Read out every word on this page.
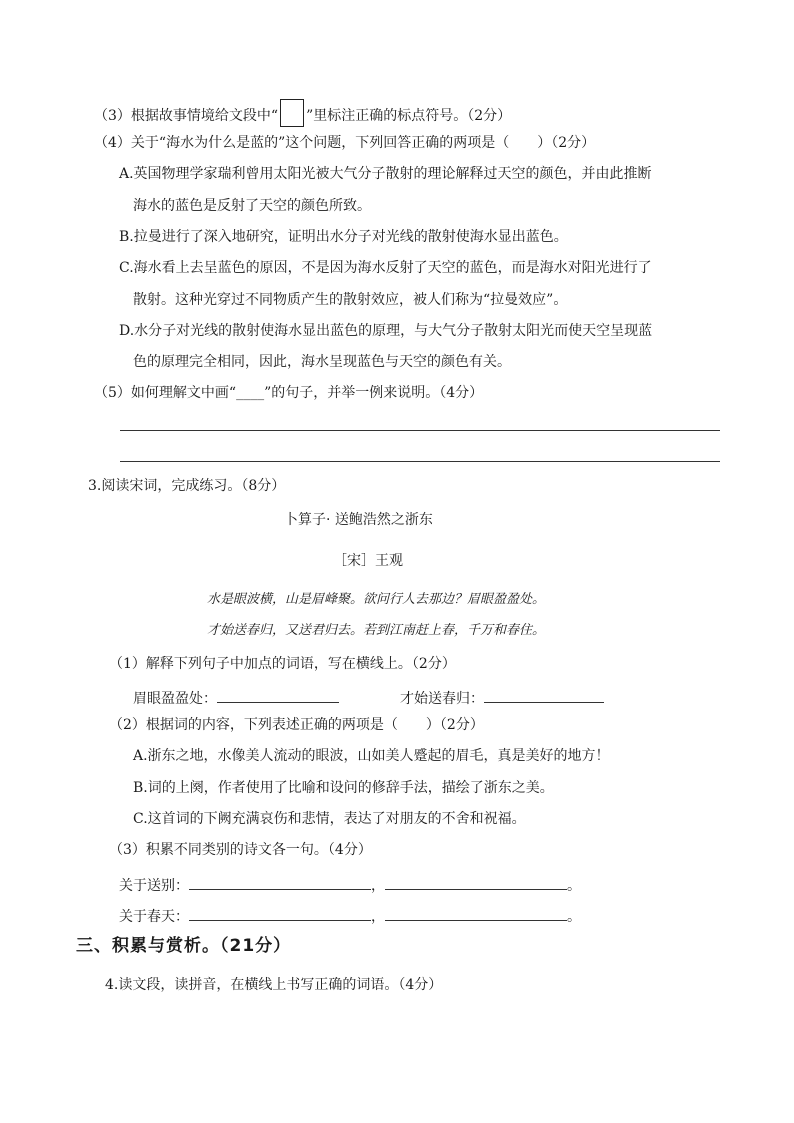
（3）根据故事情境给文段中“ ”里标注正确的标点符号。（2分）
（4）关于“海水为什么是蓝的”这个问题，下列回答正确的两项是（　　）（2分）
A.英国物理学家瑞利曾用太阳光被大气分子散射的理论解释过天空的颜色，并由此推断
海水的蓝色是反射了天空的颜色所致。
B.拉曼进行了深入地研究，证明出水分子对光线的散射使海水显出蓝色。
C.海水看上去呈蓝色的原因，不是因为海水反射了天空的蓝色，而是海水对阳光进行了
散射。这种光穿过不同物质产生的散射效应，被人们称为“拉曼效应”。
D.水分子对光线的散射使海水显出蓝色的原理，与大气分子散射太阳光而使天空呈现蓝
色的原理完全相同，因此，海水呈现蓝色与天空的颜色有关。
（5）如何理解文中画“____”的句子，并举一例来说明。（4分）
3.阅读宋词，完成练习。（8分）
卜算子· 送鲍浩然之浙东
［宋］王观
水是眼波横，山是眉峰聚。欲问行人去那边？眉眼盈盈处。
才始送春归，又送君归去。若到江南赶上春，千万和春住。
（1）解释下列句子中加点的词语，写在横线上。（2分）
眉眼盈盈处：	才始送春归：
（2）根据词的内容，下列表述正确的两项是（　　）（2分）
A.浙东之地，水像美人流动的眼波，山如美人蹙起的眉毛，真是美好的地方！
B.词的上阕，作者使用了比喻和设问的修辞手法，描绘了浙东之美。
C.这首词的下阙充满哀伤和悲情，表达了对朋友的不舍和祝福。
（3）积累不同类别的诗文各一句。（4分）
关于送别：	，	。
关于春天：	，	。
三、积累与赏析。（21分）
4.读文段，读拼音，在横线上书写正确的词语。（4分）
